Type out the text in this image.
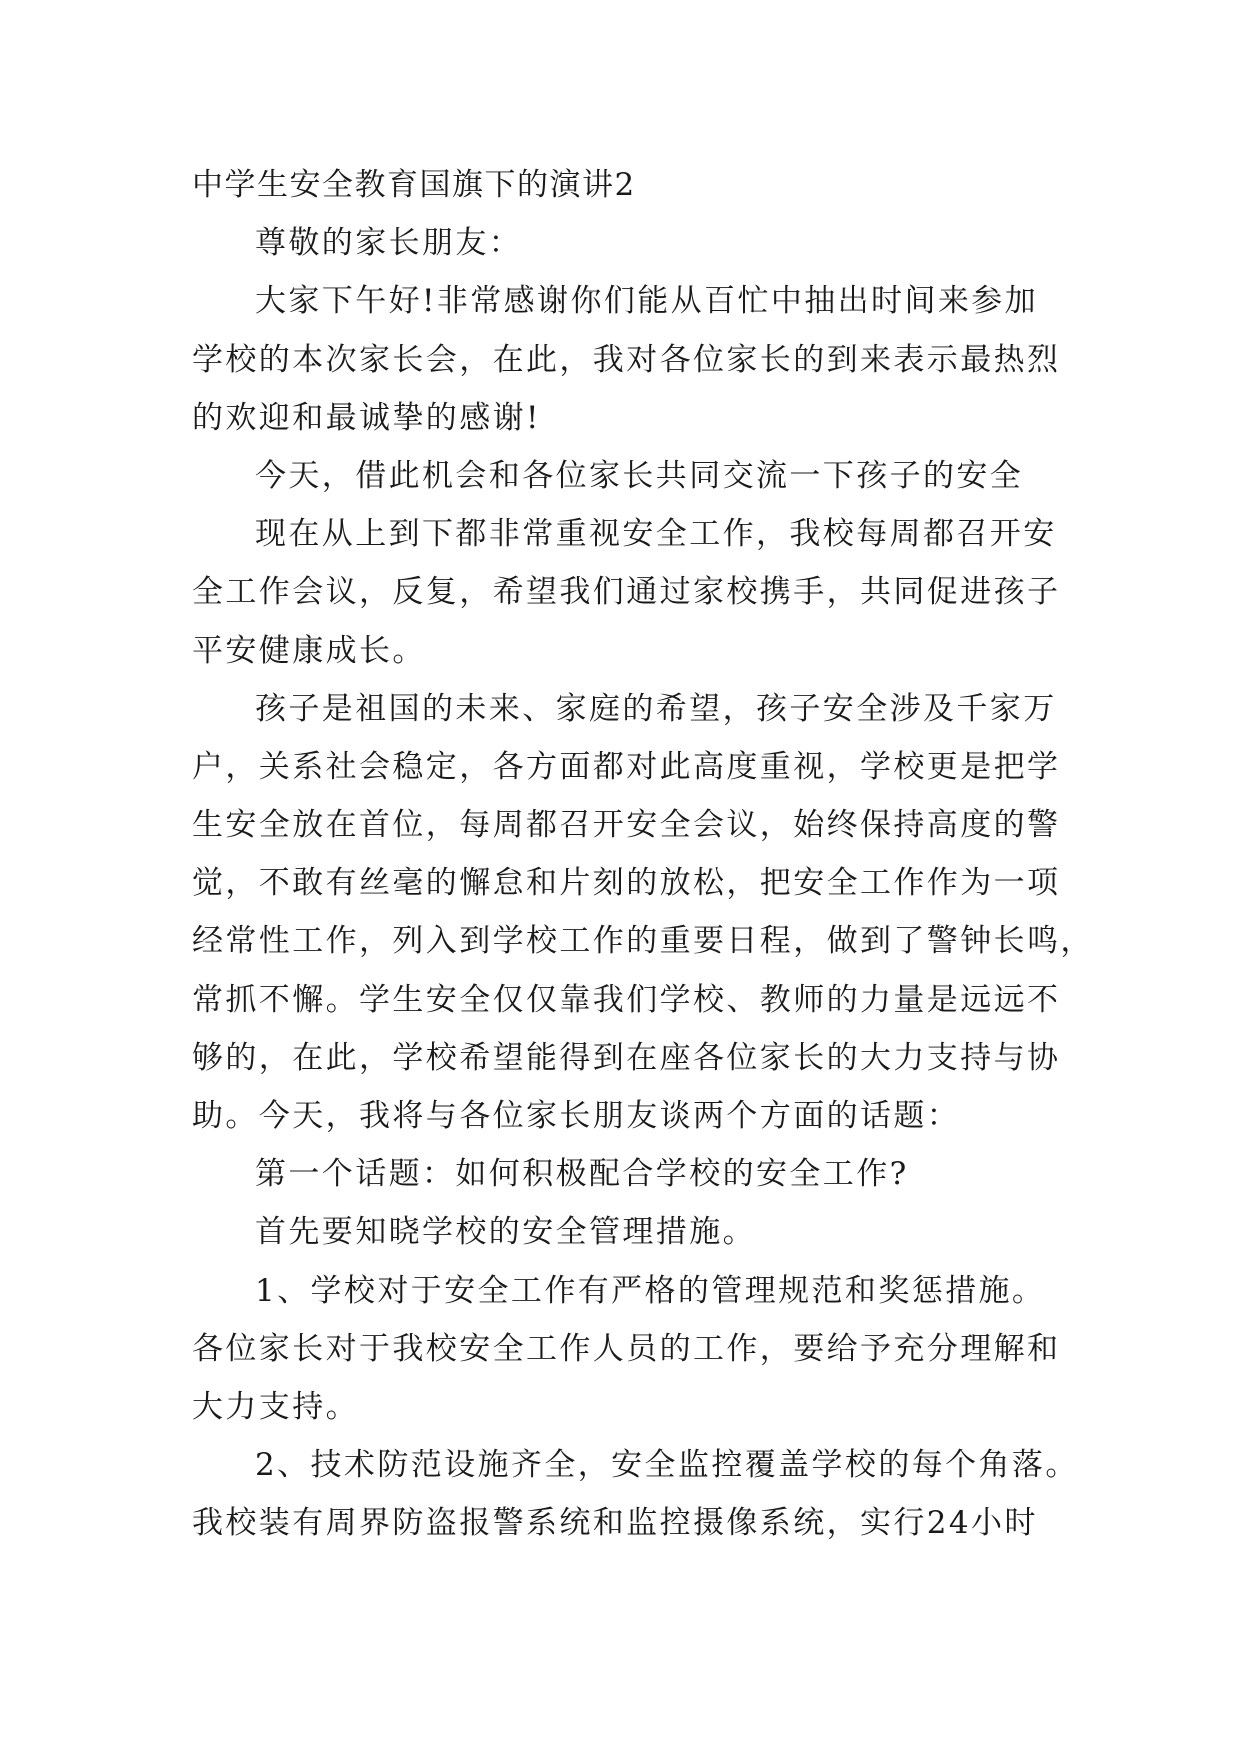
中学生安全教育国旗下的演讲2
尊敬的家长朋友：
大家下午好!非常感谢你们能从百忙中抽出时间来参加
学校的本次家长会，在此，我对各位家长的到来表示最热烈
的欢迎和最诚挚的感谢!
今天，借此机会和各位家长共同交流一下孩子的安全
现在从上到下都非常重视安全工作，我校每周都召开安
全工作会议，反复，希望我们通过家校携手，共同促进孩子
平安健康成长。
孩子是祖国的未来、家庭的希望，孩子安全涉及千家万
户，关系社会稳定，各方面都对此高度重视，学校更是把学
生安全放在首位，每周都召开安全会议，始终保持高度的警
觉，不敢有丝毫的懈怠和片刻的放松，把安全工作作为一项
经常性工作，列入到学校工作的重要日程，做到了警钟长鸣，
常抓不懈。学生安全仅仅靠我们学校、教师的力量是远远不
够的，在此，学校希望能得到在座各位家长的大力支持与协
助。今天，我将与各位家长朋友谈两个方面的话题：
第一个话题：如何积极配合学校的安全工作?
首先要知晓学校的安全管理措施。
1、学校对于安全工作有严格的管理规范和奖惩措施。
各位家长对于我校安全工作人员的工作，要给予充分理解和
大力支持。
2、技术防范设施齐全，安全监控覆盖学校的每个角落。
我校装有周界防盗报警系统和监控摄像系统，实行24小时
